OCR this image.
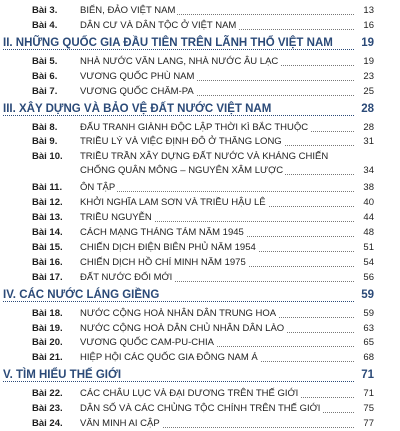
Bài 3. BIỂN, ĐẢO VIỆT NAM	13
Bài 4. DÂN CƯ VÀ DÂN TỘC Ở VIỆT NAM	16
II. NHỮNG QUỐC GIA ĐẦU TIÊN TRÊN LÃNH THỔ VIỆT NAM 19
Bài 5. NHÀ NƯỚC VĂN LANG, NHÀ NƯỚC ÂU LẠC	19
Bài 6. VƯƠNG QUỐC PHÙ NAM	23
Bài 7. VƯƠNG QUỐC CHĂM-PA	25
III. XÂY DỰNG VÀ BẢO VỆ ĐẤT NƯỚC VIỆT NAM	28
Bài 8. ĐẤU TRANH GIÀNH ĐỘC LẬP THỜI KÌ BẮC THUỘC	28
Bài 9. TRIỀU LÝ VÀ VIỆC ĐỊNH ĐÔ Ở THĂNG LONG	31
Bài 10. TRIỀU TRẦN XÂY DỰNG ĐẤT NƯỚC VÀ KHÁNG CHIẾN
CHỐNG QUÂN MÔNG – NGUYÊN XÂM LƯỢC	34
Bài 11. ÔN TẬP	38
Bài 12. KHỞI NGHĨA LAM SƠN VÀ TRIỀU HẬU LÊ	40
Bài 13. TRIỀU NGUYỄN	44
Bài 14. CÁCH MẠNG THÁNG TÁM NĂM 1945	48
Bài 15. CHIẾN DỊCH ĐIỆN BIÊN PHỦ NĂM 1954	51
Bài 16. CHIẾN DỊCH HỒ CHÍ MINH NĂM 1975	54
Bài 17. ĐẤT NƯỚC ĐỔI MỚI	56
IV. CÁC NƯỚC LÁNG GIỀNG	59
Bài 18. NƯỚC CỘNG HOÀ NHÂN DÂN TRUNG HOA	59
Bài 19. NƯỚC CỘNG HOÀ DÂN CHỦ NHÂN DÂN LÀO	63
Bài 20. VƯƠNG QUỐC CAM-PU-CHIA	65
Bài 21. HIỆP HỘI CÁC QUỐC GIA ĐÔNG NAM Á	68
V. TÌM HIỂU THẾ GIỚI	71
Bài 22. CÁC CHÂU LỤC VÀ ĐẠI DƯƠNG TRÊN THẾ GIỚI	71
Bài 23. DÂN SỐ VÀ CÁC CHỦNG TỘC CHÍNH TRÊN THẾ GIỚI	75
Bài 24. VĂN MINH AI CẬP	77
